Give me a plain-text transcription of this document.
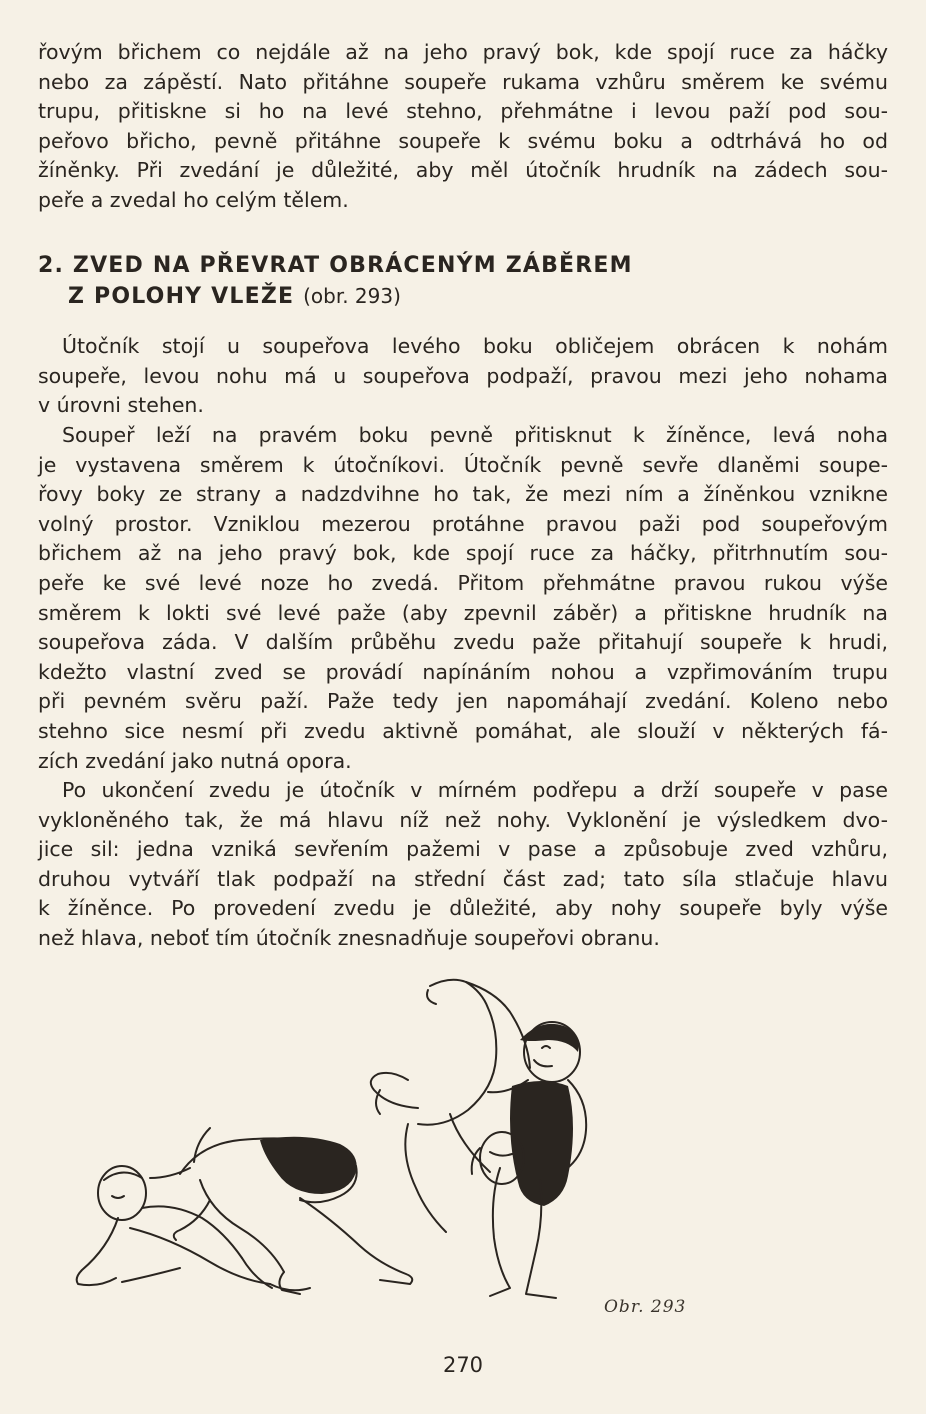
řovým břichem co nejdále až na jeho pravý bok, kde spojí ruce za háčky
nebo za zápěstí. Nato přitáhne soupeře rukama vzhůru směrem ke svému
trupu, přitiskne si ho na levé stehno, přehmátne i levou paží pod sou-
peřovo břicho, pevně přitáhne soupeře k svému boku a odtrhává ho od
žíněnky. Při zvedání je důležité, aby měl útočník hrudník na zádech sou-
peře a zvedal ho celým tělem.

2. ZVED NA PŘEVRAT OBRÁCENÝM ZÁBĚREM
Z POLOHY VLEŽE (obr. 293)

Útočník stojí u soupeřova levého boku obličejem obrácen k nohám
soupeře, levou nohu má u soupeřova podpaží, pravou mezi jeho nohama
v úrovni stehen.

Soupeř leží na pravém boku pevně přitisknut k žíněnce, levá noha
je vystavena směrem k útočníkovi. Útočník pevně sevře dlaněmi soupe-
řovy boky ze strany a nadzdvihne ho tak, že mezi ním a žíněnkou vznikne
volný prostor. Vzniklou mezerou protáhne pravou paži pod soupeřovým
břichem až na jeho pravý bok, kde spojí ruce za háčky, přitrhnutím sou-
peře ke své levé noze ho zvedá. Přitom přehmátne pravou rukou výše
směrem k lokti své levé paže (aby zpevnil záběr) a přitiskne hrudník na
soupeřova záda. V dalším průběhu zvedu paže přitahují soupeře k hrudi,
kdežto vlastní zved se provádí napínáním nohou a vzpřimováním trupu
při pevném svěru paží. Paže tedy jen napomáhají zvedání. Koleno nebo
stehno sice nesmí při zvedu aktivně pomáhat, ale slouží v některých fá-
zích zvedání jako nutná opora.

Po ukončení zvedu je útočník v mírném podřepu a drží soupeře v pase
vykloněného tak, že má hlavu níž než nohy. Vyklonění je výsledkem dvo-
jice sil: jedna vzniká sevřením pažemi v pase a způsobuje zved vzhůru,
druhou vytváří tlak podpaží na střední část zad; tato síla stlačuje hlavu
k žíněnce. Po provedení zvedu je důležité, aby nohy soupeře byly výše
než hlava, neboť tím útočník znesnadňuje soupeřovi obranu.

Obr. 293
270
